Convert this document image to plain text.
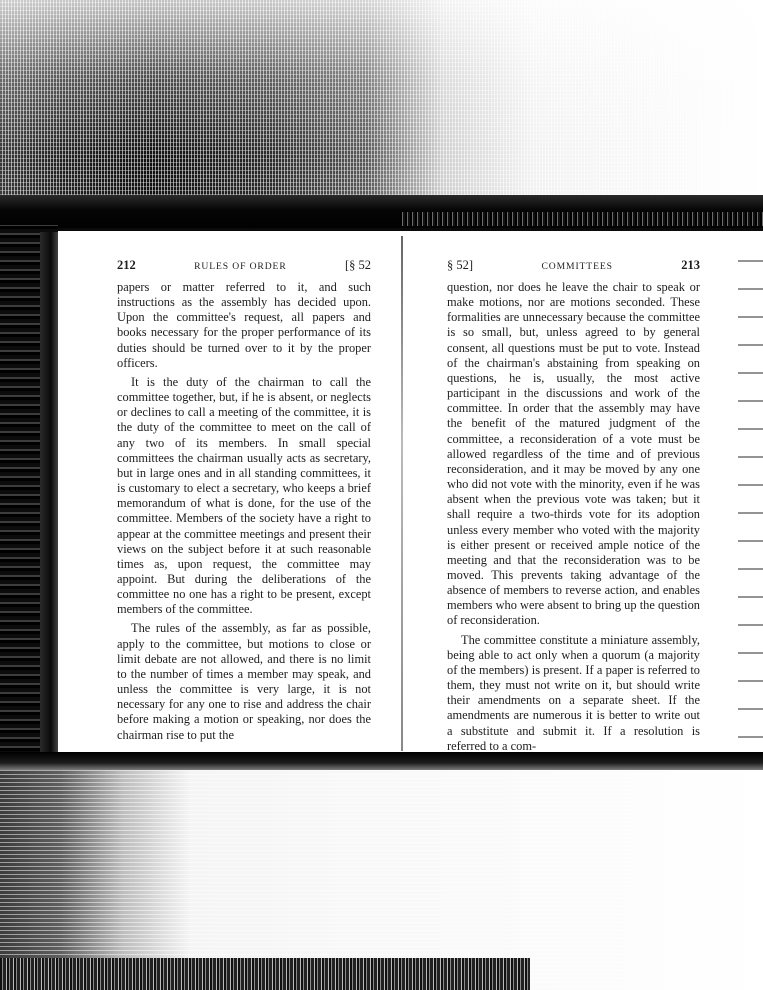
212	RULES OF ORDER	[§ 52

papers or matter referred to it, and such instructions as the assembly has decided upon. Upon the committee's request, all papers and books necessary for the proper performance of its duties should be turned over to it by the proper officers.

It is the duty of the chairman to call the committee together, but, if he is absent, or neglects or declines to call a meeting of the committee, it is the duty of the committee to meet on the call of any two of its members. In small special committees the chairman usually acts as secretary, but in large ones and in all standing committees, it is customary to elect a secretary, who keeps a brief memorandum of what is done, for the use of the committee. Members of the society have a right to appear at the committee meetings and present their views on the subject before it at such reasonable times as, upon request, the committee may appoint. But during the deliberations of the committee no one has a right to be present, except members of the committee.

The rules of the assembly, as far as possible, apply to the committee, but motions to close or limit debate are not allowed, and there is no limit to the number of times a member may speak, and unless the committee is very large, it is not necessary for any one to rise and address the chair before making a motion or speaking, nor does the chairman rise to put the

§ 52]	COMMITTEES	213

question, nor does he leave the chair to speak or make motions, nor are motions seconded. These formalities are unnecessary because the committee is so small, but, unless agreed to by general consent, all questions must be put to vote. Instead of the chairman's abstaining from speaking on questions, he is, usually, the most active participant in the discussions and work of the committee. In order that the assembly may have the benefit of the matured judgment of the committee, a reconsideration of a vote must be allowed regardless of the time and of previous reconsideration, and it may be moved by any one who did not vote with the minority, even if he was absent when the previous vote was taken; but it shall require a two-thirds vote for its adoption unless every member who voted with the majority is either present or received ample notice of the meeting and that the reconsideration was to be moved. This prevents taking advantage of the absence of members to reverse action, and enables members who were absent to bring up the question of reconsideration.

The committee constitute a miniature assembly, being able to act only when a quorum (a majority of the members) is present. If a paper is referred to them, they must not write on it, but should write their amendments on a separate sheet. If the amendments are numerous it is better to write out a substitute and submit it. If a resolution is referred to a com-
